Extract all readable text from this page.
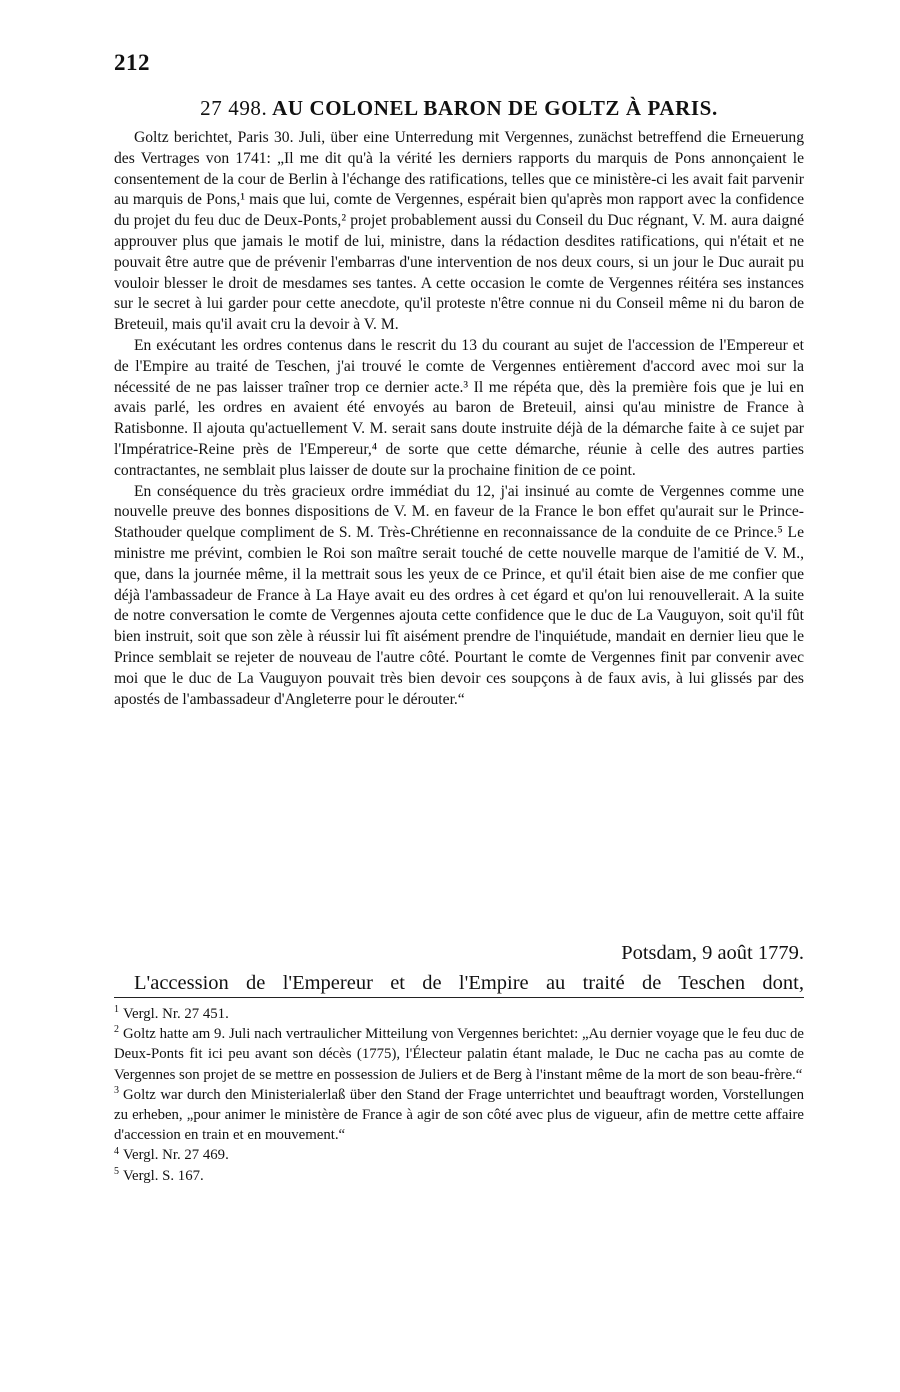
212
27 498. AU COLONEL BARON DE GOLTZ À PARIS.

Goltz berichtet, Paris 30. Juli, über eine Unterredung mit Vergennes, zunächst betreffend die Erneuerung des Vertrages von 1741: „Il me dit qu'à la vérité les derniers rapports du marquis de Pons annonçaient le consentement de la cour de Berlin à l'échange des ratifications, telles que ce ministère-ci les avait fait parvenir au marquis de Pons,¹ mais que lui, comte de Vergennes, espérait bien qu'après mon rapport avec la confidence du projet du feu duc de Deux-Ponts,² projet probablement aussi du Conseil du Duc régnant, V. M. aura daigné approuver plus que jamais le motif de lui, ministre, dans la rédaction desdites ratifications, qui n'était et ne pouvait être autre que de prévenir l'embarras d'une intervention de nos deux cours, si un jour le Duc aurait pu vouloir blesser le droit de mesdames ses tantes. A cette occasion le comte de Vergennes réitéra ses instances sur le secret à lui garder pour cette anecdote, qu'il proteste n'être connue ni du Conseil même ni du baron de Breteuil, mais qu'il avait cru la devoir à V. M.

En exécutant les ordres contenus dans le rescrit du 13 du courant au sujet de l'accession de l'Empereur et de l'Empire au traité de Teschen, j'ai trouvé le comte de Vergennes entièrement d'accord avec moi sur la nécessité de ne pas laisser traîner trop ce dernier acte.³ Il me répéta que, dès la première fois que je lui en avais parlé, les ordres en avaient été envoyés au baron de Breteuil, ainsi qu'au ministre de France à Ratisbonne. Il ajouta qu'actuellement V. M. serait sans doute instruite déjà de la démarche faite à ce sujet par l'Impératrice-Reine près de l'Empereur,⁴ de sorte que cette démarche, réunie à celle des autres parties contractantes, ne semblait plus laisser de doute sur la prochaine finition de ce point.

En conséquence du très gracieux ordre immédiat du 12, j'ai insinué au comte de Vergennes comme une nouvelle preuve des bonnes dispositions de V. M. en faveur de la France le bon effet qu'aurait sur le Prince-Stathouder quelque compliment de S. M. Très-Chrétienne en reconnaissance de la conduite de ce Prince.⁵ Le ministre me prévint, combien le Roi son maître serait touché de cette nouvelle marque de l'amitié de V. M., que, dans la journée même, il la mettrait sous les yeux de ce Prince, et qu'il était bien aise de me confier que déjà l'ambassadeur de France à La Haye avait eu des ordres à cet égard et qu'on lui renouvellerait. A la suite de notre conversation le comte de Vergennes ajouta cette confidence que le duc de La Vauguyon, soit qu'il fût bien instruit, soit que son zèle à réussir lui fît aisément prendre de l'inquiétude, mandait en dernier lieu que le Prince semblait se rejeter de nouveau de l'autre côté. Pourtant le comte de Vergennes finit par convenir avec moi que le duc de La Vauguyon pouvait très bien devoir ces soupçons à de faux avis, à lui glissés par des apostés de l'ambassadeur d'Angleterre pour le dérouter.“

Potsdam, 9 août 1779.
L'accession de l'Empereur et de l'Empire au traité de Teschen dont,

$^1$ Vergl. Nr. 27 451.

$^2$ Goltz hatte am 9. Juli nach vertraulicher Mitteilung von Vergennes berichtet: „Au dernier voyage que le feu duc de Deux-Ponts fit ici peu avant son décès (1775), l'Électeur palatin étant malade, le Duc ne cacha pas au comte de Vergennes son projet de se mettre en possession de Juliers et de Berg à l'instant même de la mort de son beau-frère.“

$^3$ Goltz war durch den Ministerialerlaß über den Stand der Frage unterrichtet und beauftragt worden, Vorstellungen zu erheben, „pour animer le ministère de France à agir de son côté avec plus de vigueur, afin de mettre cette affaire d'accession en train et en mouvement.“

$^4$ Vergl. Nr. 27 469.

$^5$ Vergl. S. 167.
